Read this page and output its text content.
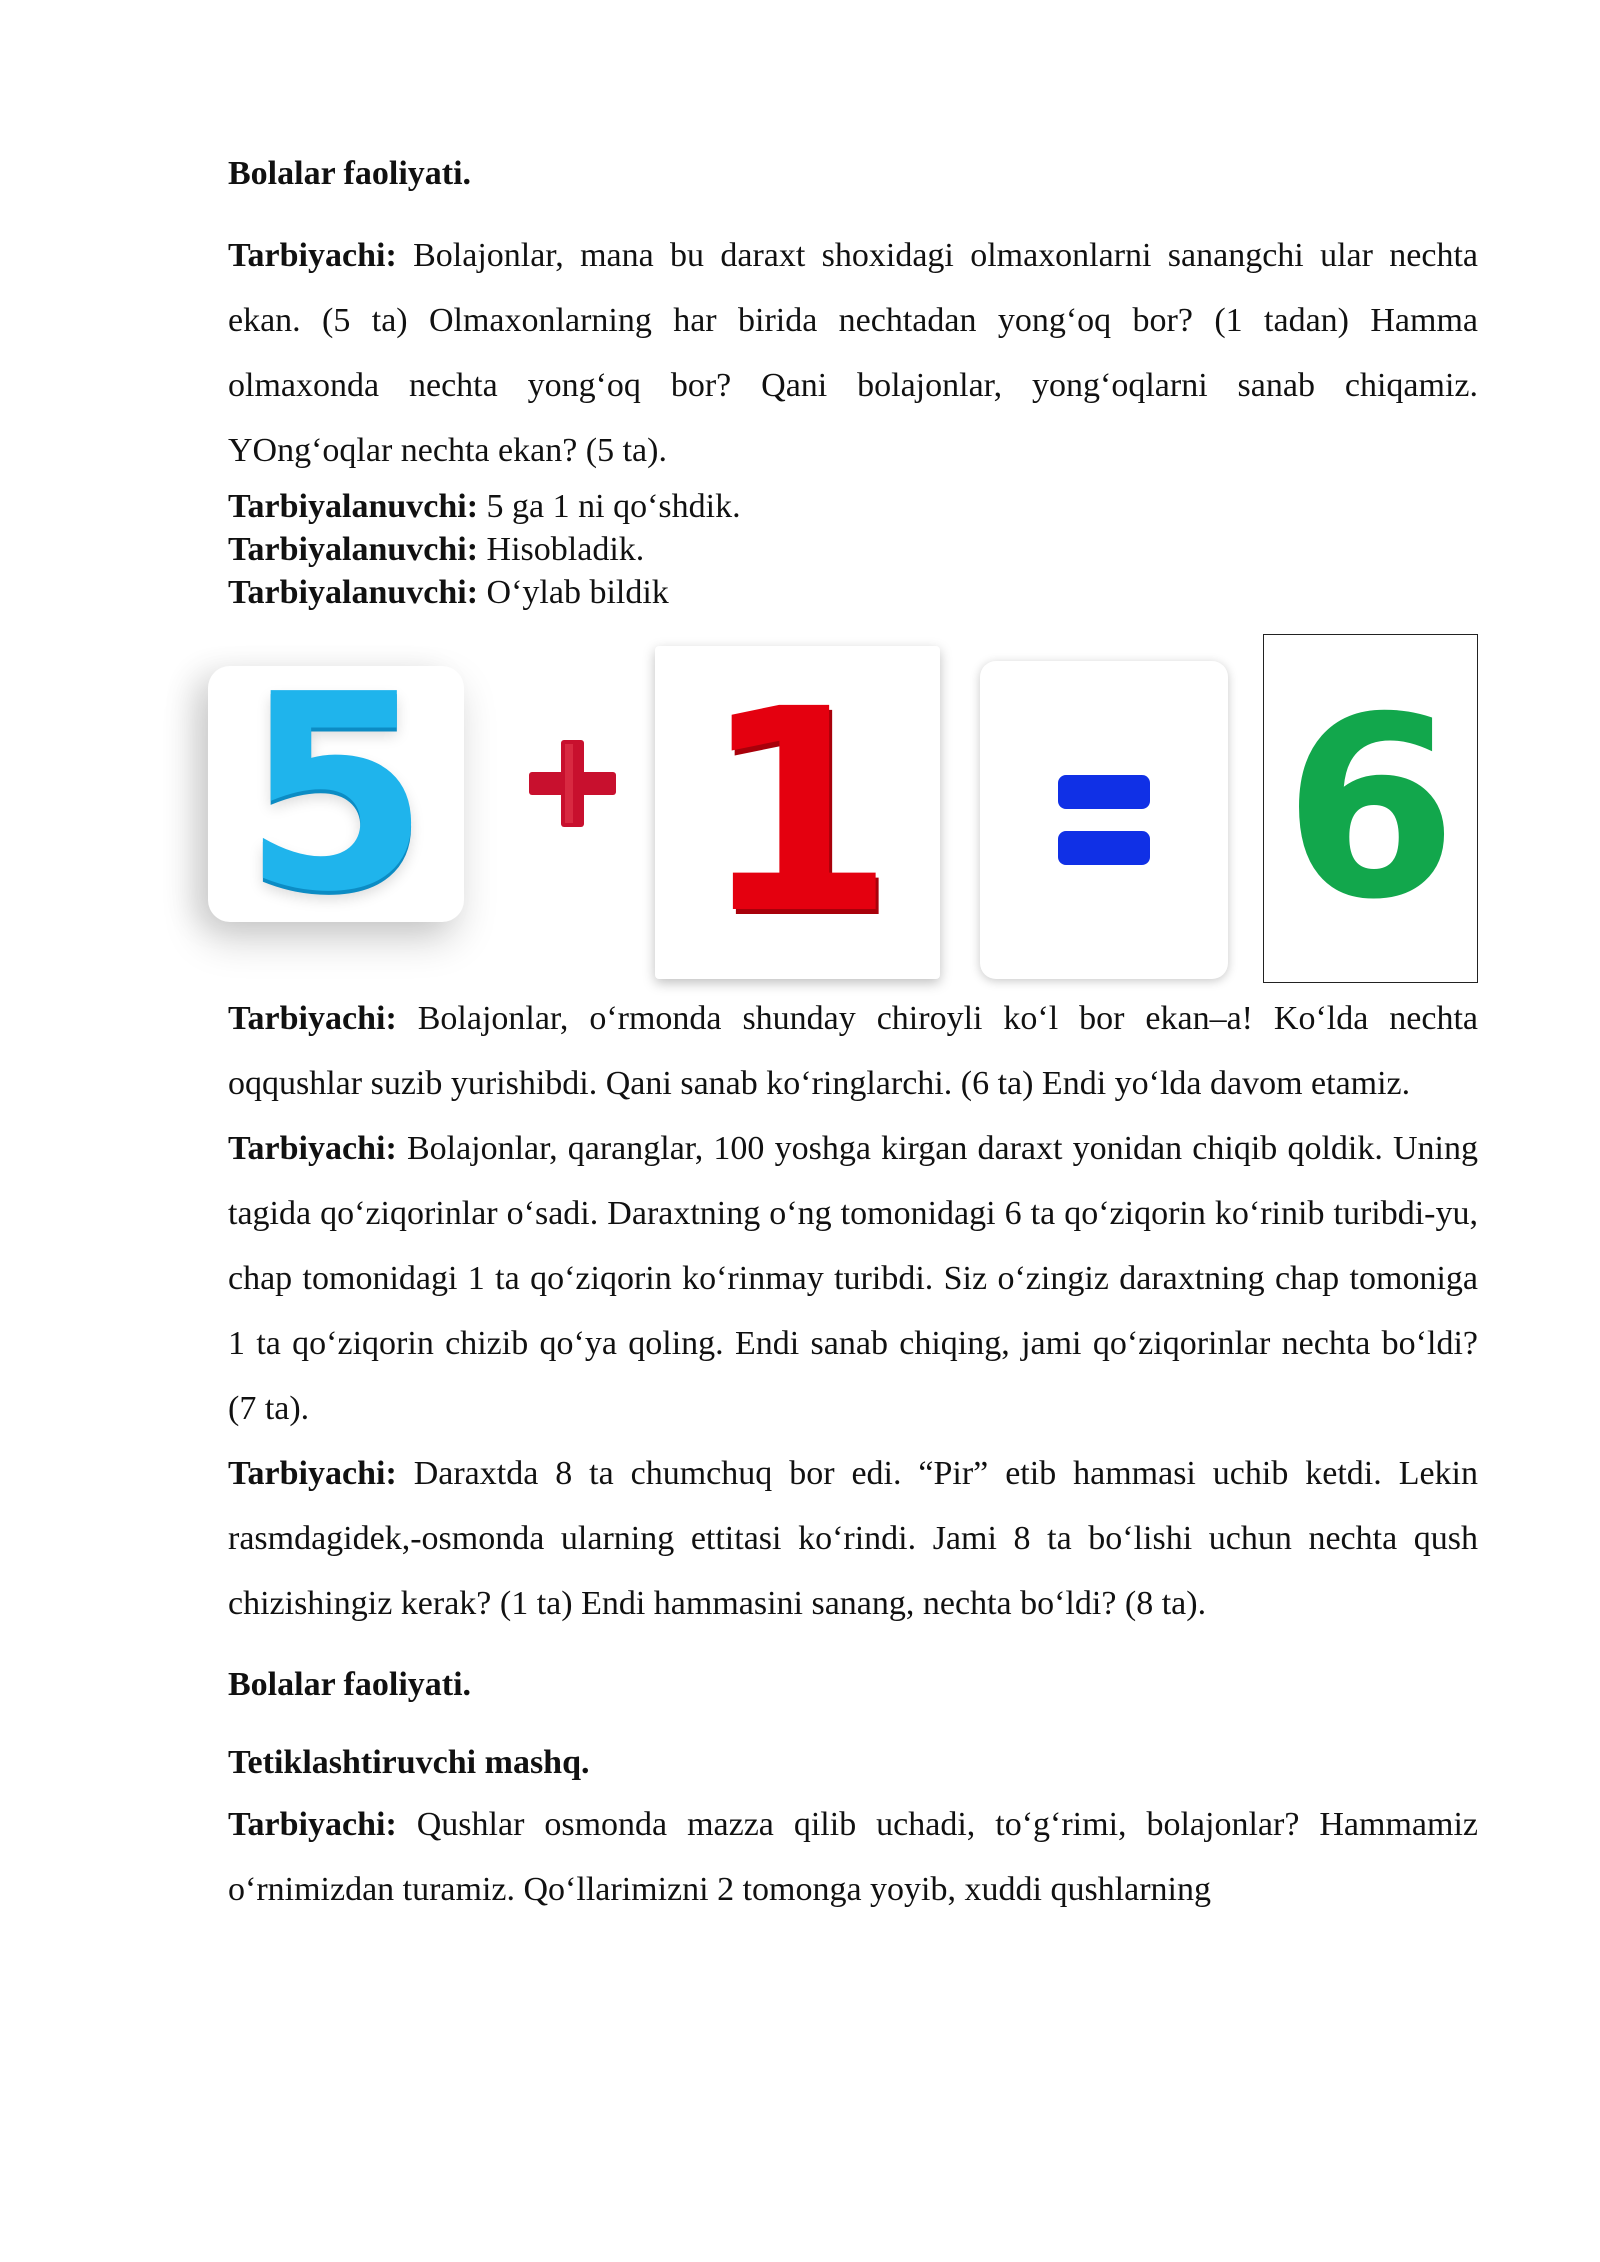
Bolalar faoliyati.

Tarbiyachi: Bolajonlar, mana bu daraxt shoxidagi olmaxonlarni sanangchi ular nechta ekan. (5 ta) Olmaxonlarning har birida nechtadan yong‘oq bor? (1 tadan) Hamma olmaxonda nechta yong‘oq bor? Qani bolajonlar, yong‘oqlarni sanab chiqamiz. YOng‘oqlar nechta ekan? (5 ta).

Tarbiyalanuvchi: 5 ga 1 ni qo‘shdik.

Tarbiyalanuvchi: Hisobladik.

Tarbiyalanuvchi: O‘ylab bildik

5 1 6

Tarbiyachi: Bolajonlar, o‘rmonda shunday chiroyli ko‘l bor ekan–a! Ko‘lda nechta oqqushlar suzib yurishibdi. Qani sanab ko‘ringlarchi. (6 ta) Endi yo‘lda davom etamiz.

Tarbiyachi: Bolajonlar, qaranglar, 100 yoshga kirgan daraxt yonidan chiqib qoldik. Uning tagida qo‘ziqorinlar o‘sadi. Daraxtning o‘ng tomonidagi 6 ta qo‘ziqorin ko‘rinib turibdi-yu, chap tomonidagi 1 ta qo‘ziqorin ko‘rinmay turibdi. Siz o‘zingiz daraxtning chap tomoniga 1 ta qo‘ziqorin chizib qo‘ya qoling. Endi sanab chiqing, jami qo‘ziqorinlar nechta bo‘ldi? (7 ta).

Tarbiyachi: Daraxtda 8 ta chumchuq bor edi. “Pir” etib hammasi uchib ketdi. Lekin rasmdagidek,-osmonda ularning ettitasi ko‘rindi. Jami 8 ta bo‘lishi uchun nechta qush chizishingiz kerak? (1 ta) Endi hammasini sanang, nechta bo‘ldi? (8 ta).

Bolalar faoliyati.

Tetiklashtiruvchi mashq.

Tarbiyachi: Qushlar osmonda mazza qilib uchadi, to‘g‘rimi, bolajonlar? Hammamiz o‘rnimizdan turamiz. Qo‘llarimizni 2 tomonga yoyib, xuddi qushlarning
